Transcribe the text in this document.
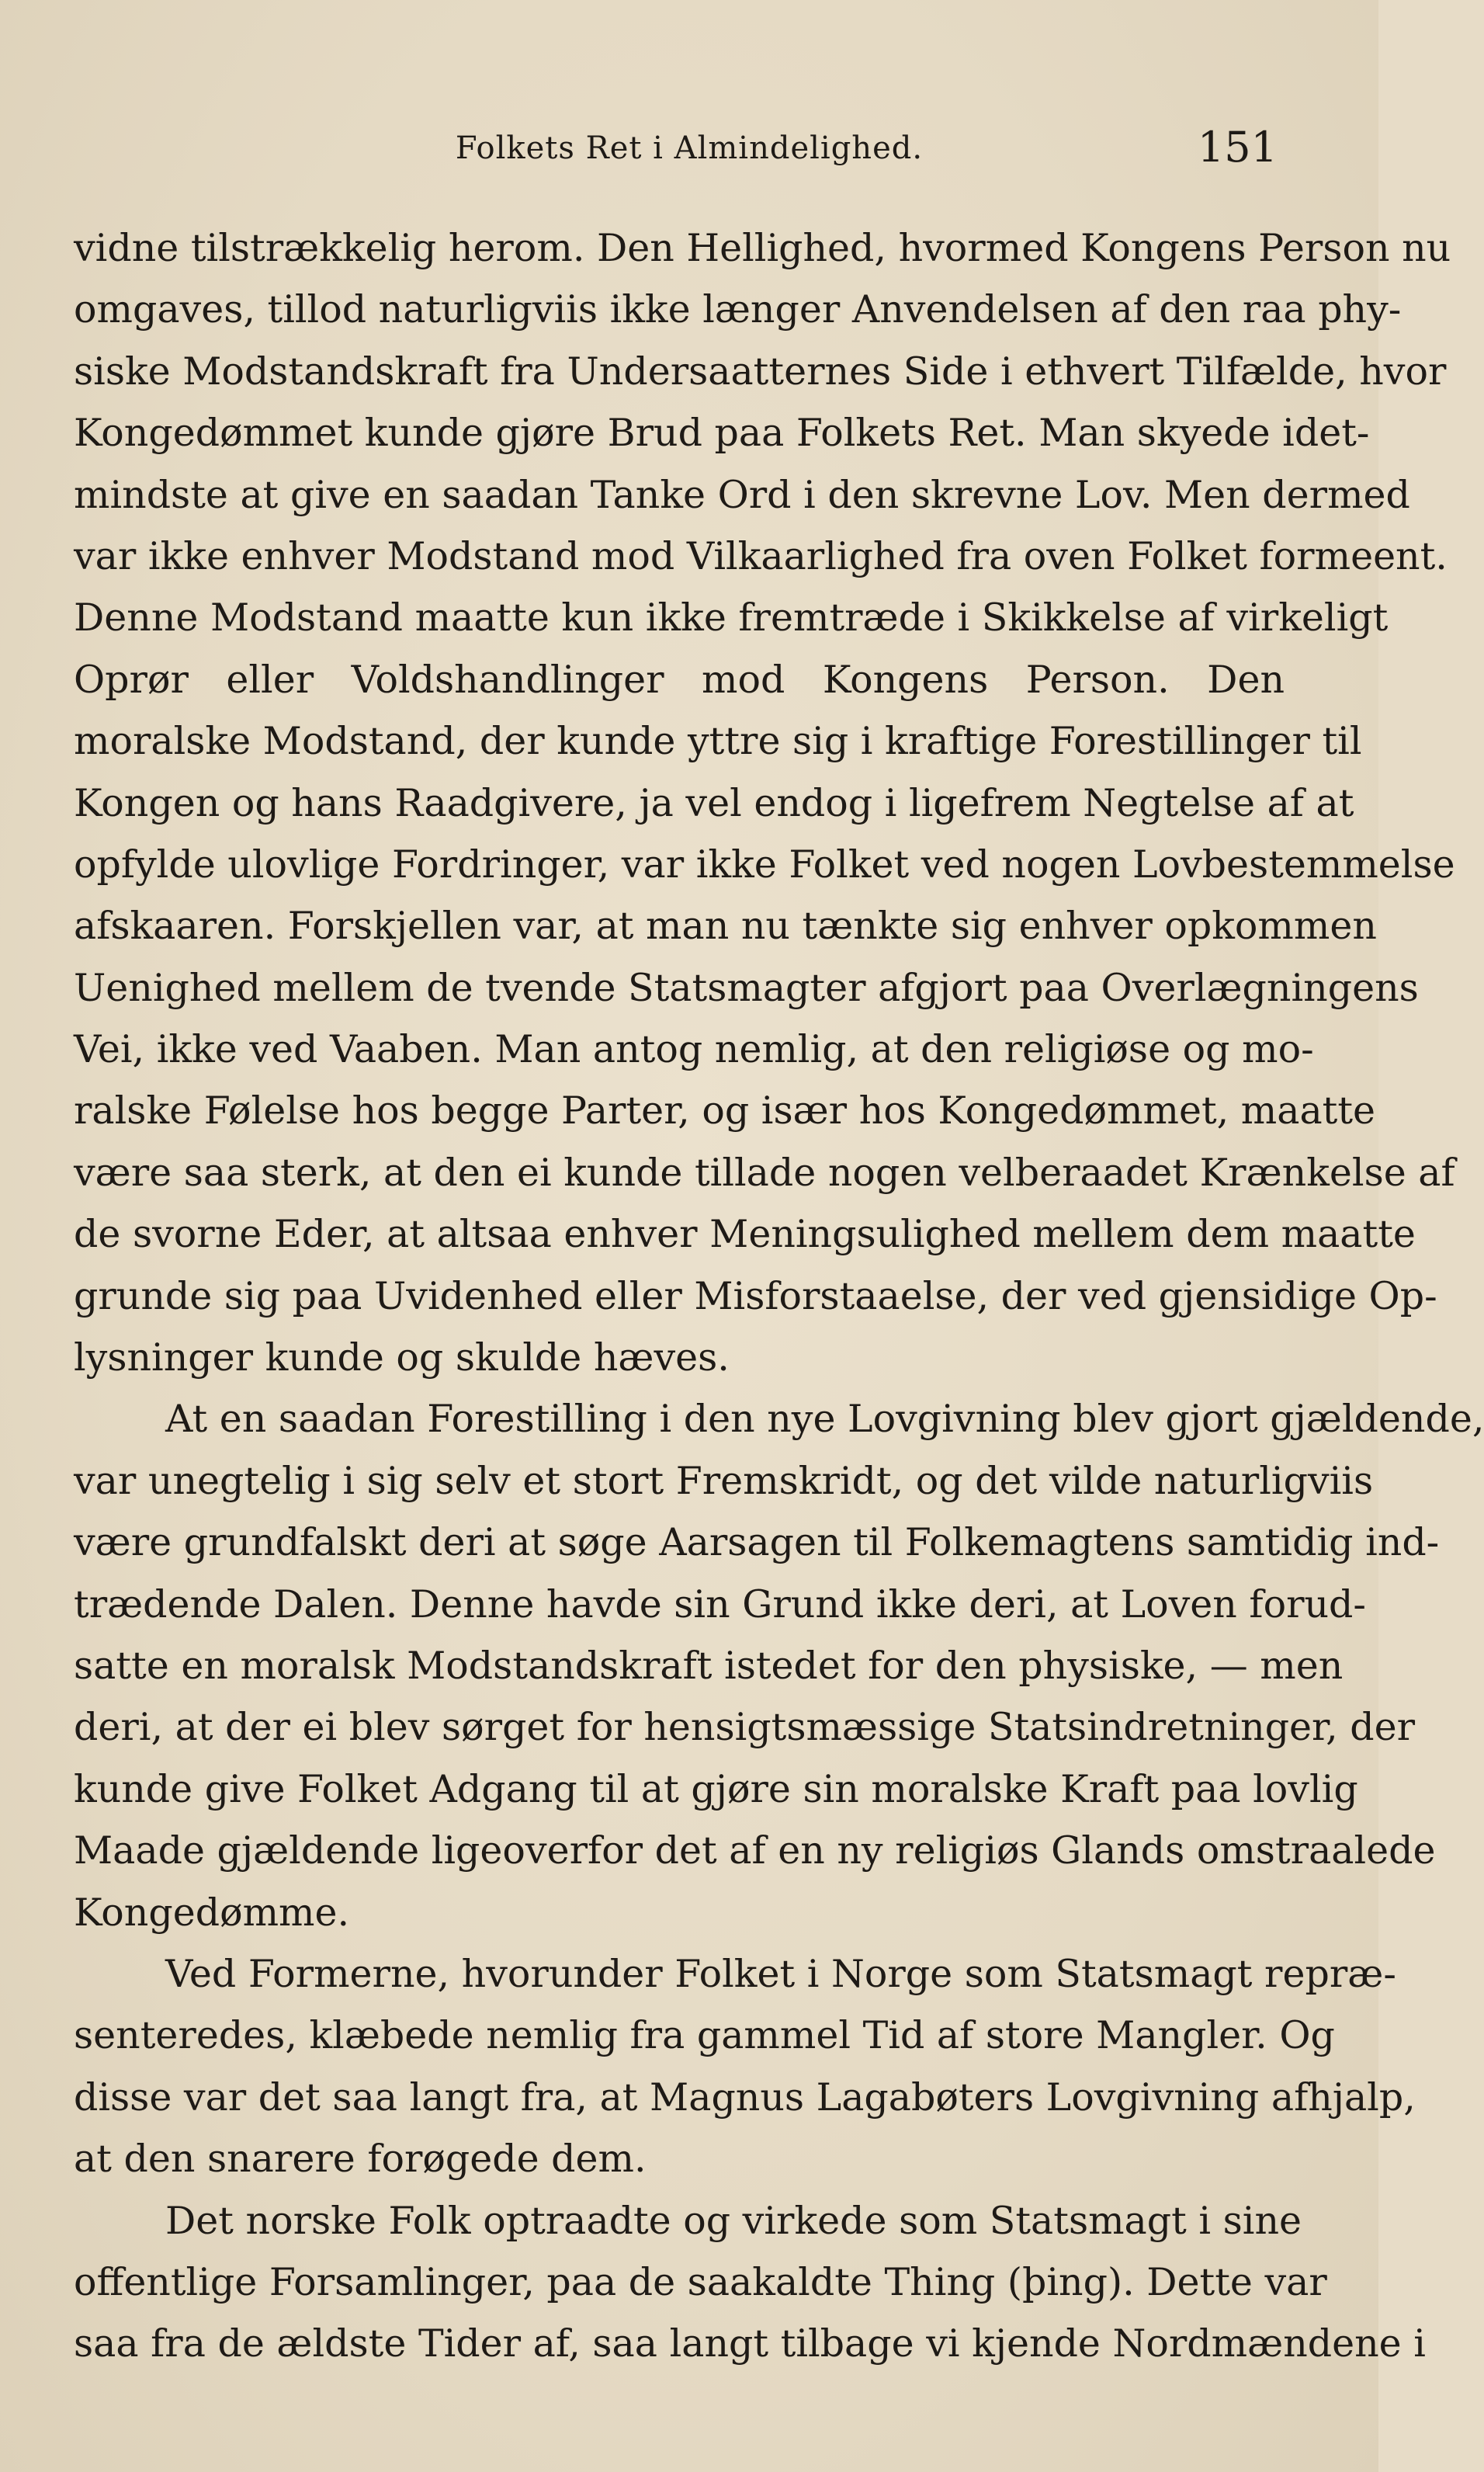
Folkets Ret i Almindelighed.	151
vidne tilstrækkelig herom. Den Hellighed, hvormed Kongens Person nu
omgaves, tillod naturligviis ikke længer Anvendelsen af den raa phy-
siske Modstandskraft fra Undersaatternes Side i ethvert Tilfælde, hvor
Kongedømmet kunde gjøre Brud paa Folkets Ret. Man skyede idet-
mindste at give en saadan Tanke Ord i den skrevne Lov. Men dermed
var ikke enhver Modstand mod Vilkaarlighed fra oven Folket formeent.
Denne Modstand maatte kun ikke fremtræde i Skikkelse af virkeligt
Oprør eller Voldshandlinger mod Kongens Person. Den
moralske Modstand, der kunde yttre sig i kraftige Forestillinger til
Kongen og hans Raadgivere, ja vel endog i ligefrem Negtelse af at
opfylde ulovlige Fordringer, var ikke Folket ved nogen Lovbestemmelse
afskaaren. Forskjellen var, at man nu tænkte sig enhver opkommen
Uenighed mellem de tvende Statsmagter afgjort paa Overlægningens
Vei, ikke ved Vaaben. Man antog nemlig, at den religiøse og mo-
ralske Følelse hos begge Parter, og især hos Kongedømmet, maatte
være saa sterk, at den ei kunde tillade nogen velberaadet Krænkelse af
de svorne Eder, at altsaa enhver Meningsulighed mellem dem maatte
grunde sig paa Uvidenhed eller Misforstaaelse, der ved gjensidige Op-
lysninger kunde og skulde hæves.
At en saadan Forestilling i den nye Lovgivning blev gjort gjældende,
var unegtelig i sig selv et stort Fremskridt, og det vilde naturligviis
være grundfalskt deri at søge Aarsagen til Folkemagtens samtidig ind-
trædende Dalen. Denne havde sin Grund ikke deri, at Loven forud-
satte en moralsk Modstandskraft istedet for den physiske, — men
deri, at der ei blev sørget for hensigtsmæssige Statsindretninger, der
kunde give Folket Adgang til at gjøre sin moralske Kraft paa lovlig
Maade gjældende ligeoverfor det af en ny religiøs Glands omstraalede
Kongedømme.
Ved Formerne, hvorunder Folket i Norge som Statsmagt repræ-
senteredes, klæbede nemlig fra gammel Tid af store Mangler. Og
disse var det saa langt fra, at Magnus Lagabøters Lovgivning afhjalp,
at den snarere forøgede dem.
Det norske Folk optraadte og virkede som Statsmagt i sine
offentlige Forsamlinger, paa de saakaldte Thing (þing). Dette var
saa fra de ældste Tider af, saa langt tilbage vi kjende Nordmændene i
